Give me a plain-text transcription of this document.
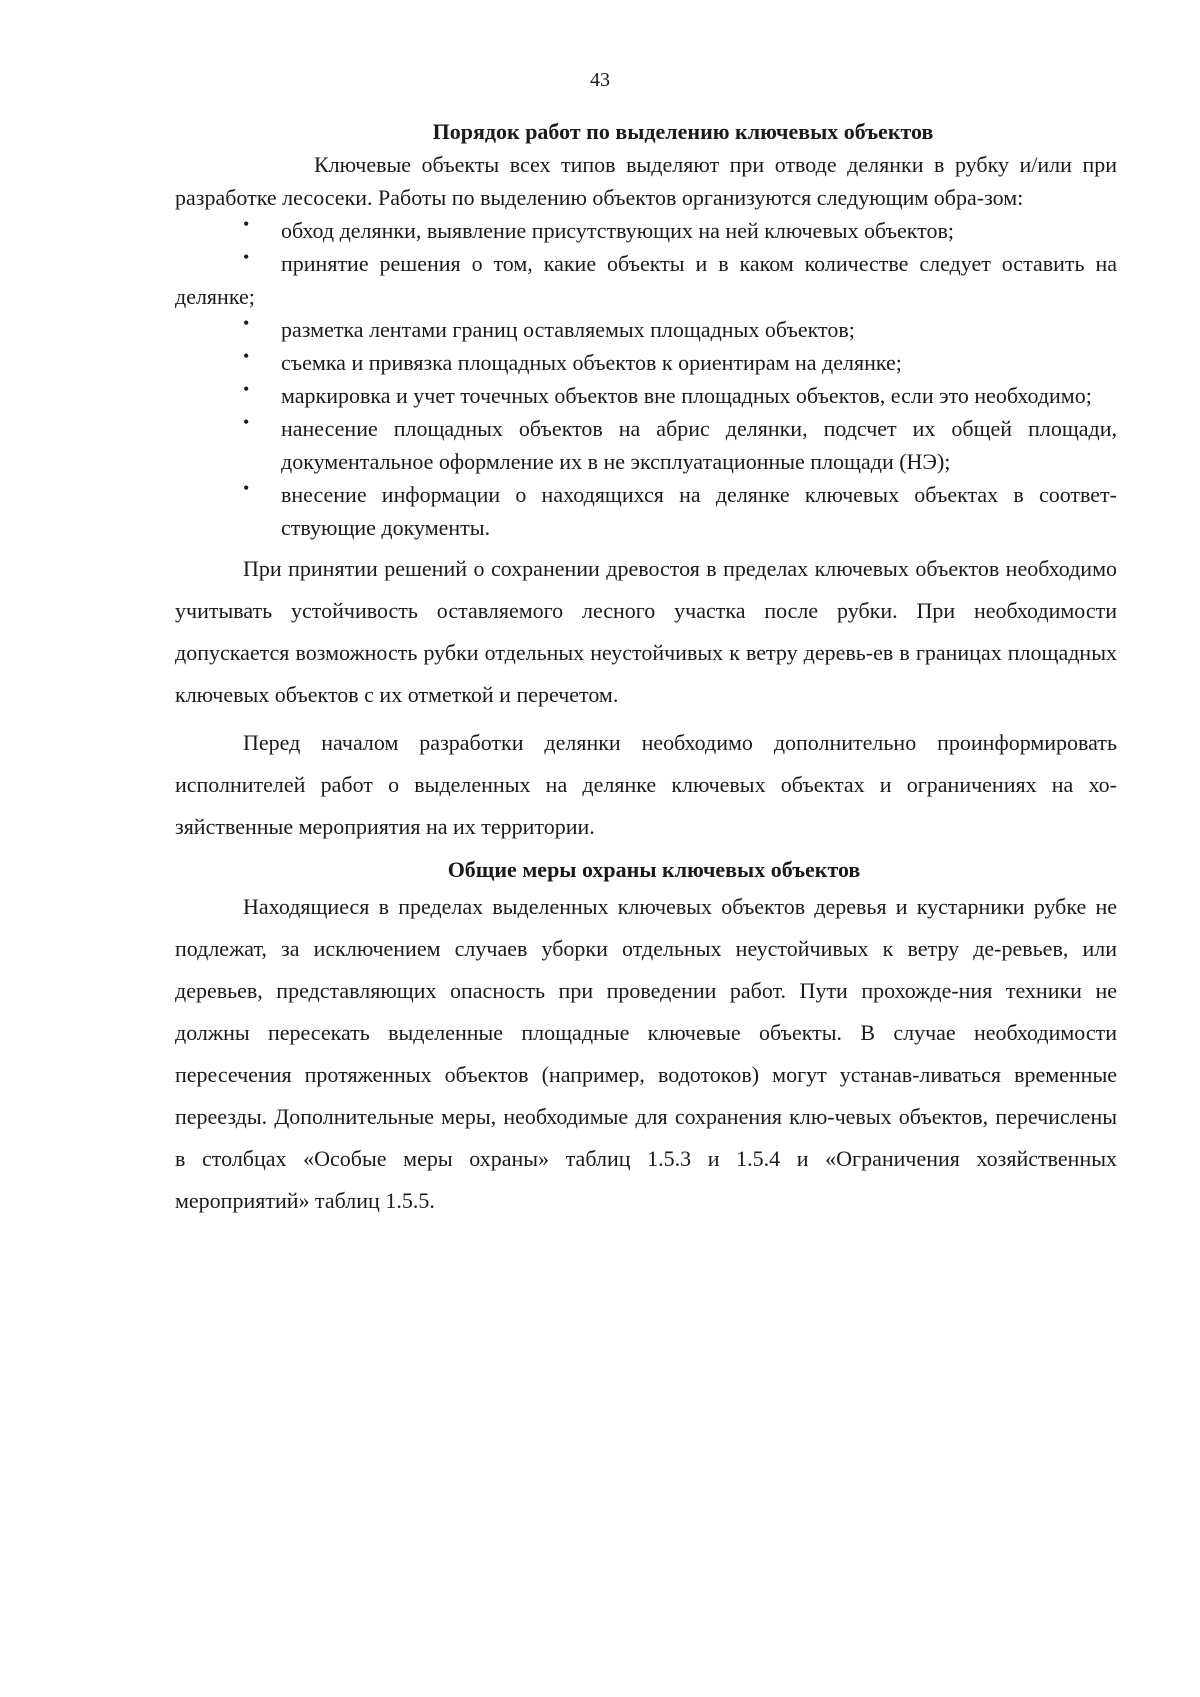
43
Порядок работ по выделению ключевых объектов

Ключевые объекты всех типов выделяют при отводе делянки в рубку и/или при разработке лесосеки. Работы по выделению объектов организуются следующим обра-зом:

•	обход делянки, выявление присутствующих на ней ключевых объектов;

•	принятие решения о том, какие объекты и в каком количестве следует оставить на делянке;

•	разметка лентами границ оставляемых площадных объектов;

•	съемка и привязка площадных объектов к ориентирам на делянке;

•	маркировка и учет точечных объектов вне площадных объектов, если это необходимо;

•	нанесение площадных объектов на абрис делянки, подсчет их общей площади, документальное оформление их в не эксплуатационные площади (НЭ);

•	внесение информации о находящихся на делянке ключевых объектах в соответ-ствующие документы.

При принятии решений о сохранении древостоя в пределах ключевых объектов необходимо учитывать устойчивость оставляемого лесного участка после рубки. При необходимости допускается возможность рубки отдельных неустойчивых к ветру деревь-ев в границах площадных ключевых объектов с их отметкой и перечетом.

Перед началом разработки делянки необходимо дополнительно проинформировать исполнителей работ о выделенных на делянке ключевых объектах и ограничениях на хо-зяйственные мероприятия на их территории.

Общие меры охраны ключевых объектов

Находящиеся в пределах выделенных ключевых объектов деревья и кустарники рубке не подлежат, за исключением случаев уборки отдельных неустойчивых к ветру де-ревьев, или деревьев, представляющих опасность при проведении работ. Пути прохожде-ния техники не должны пересекать выделенные площадные ключевые объекты. В случае необходимости пересечения протяженных объектов (например, водотоков) могут устанав-ливаться временные переезды. Дополнительные меры, необходимые для сохранения клю-чевых объектов, перечислены в столбцах «Особые меры охраны» таблиц 1.5.3 и 1.5.4 и «Ограничения хозяйственных мероприятий» таблиц 1.5.5.
